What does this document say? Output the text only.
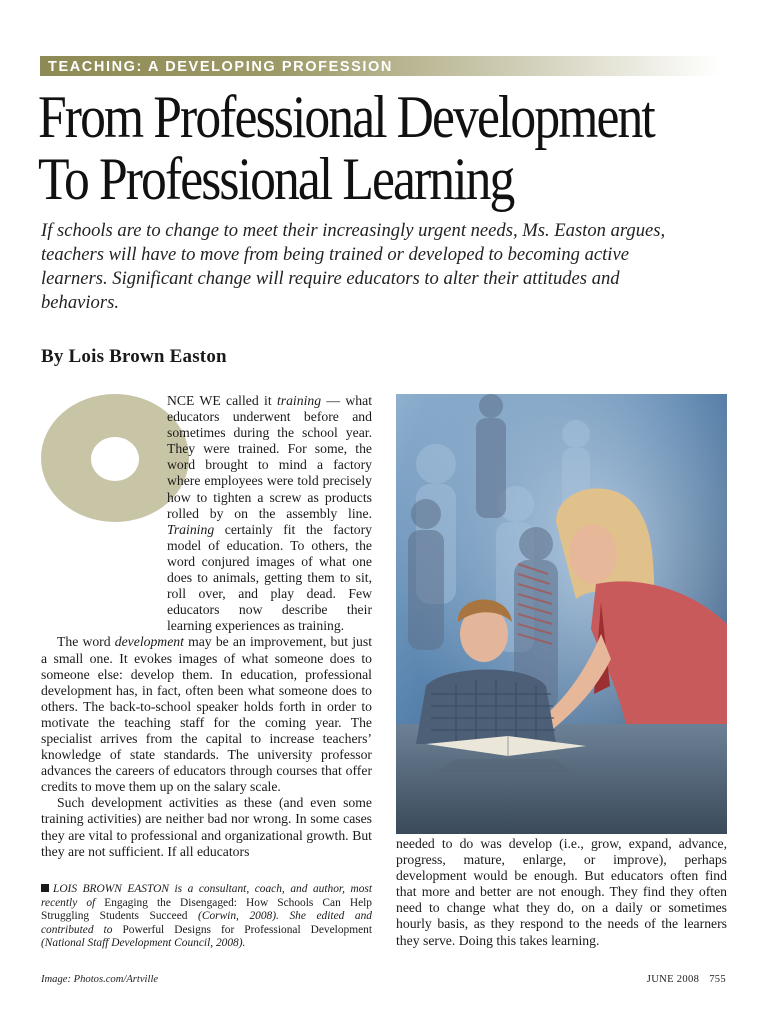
TEACHING: A DEVELOPING PROFESSION
From Professional Development
To Professional Learning

If schools are to change to meet their increasingly urgent needs, Ms. Easton argues, teachers will have to move from being trained or developed to becoming active learners. Significant change will require educators to alter their attitudes and behaviors.

By Lois Brown Easton

O	NCE WE called it training — what educators underwent before and sometimes during the school year. They were trained. For some, the word brought to mind a factory where employees were told precisely how to tighten a screw as products rolled by on the assembly line. Training certainly fit the factory model of education. To others, the word conjured images of what one does to animals, getting them to sit, roll over, and play dead. Few educators now describe their learning experiences as training.

The word development may be an improvement, but just a small one. It evokes images of what someone does to someone else: develop them. In education, professional development has, in fact, often been what someone does to others. The back-to-school speaker holds forth in order to motivate the teaching staff for the coming year. The specialist arrives from the capital to increase teachers’ knowledge of state standards. The university professor advances the careers of educators through courses that offer credits to move them up on the salary scale.

Such development activities as these (and even some training activities) are neither bad nor wrong. In some cases they are vital to professional and organizational growth. But they are not sufficient. If all educators

needed to do was develop (i.e., grow, expand, advance, progress, mature, enlarge, or improve), perhaps development would be enough. But educators often find that more and better are not enough. They find they often need to change what they do, on a daily or sometimes hourly basis, as they respond to the needs of the learners they serve. Doing this takes learning.

LOIS BROWN EASTON is a consultant, coach, and author, most recently of Engaging the Disengaged: How Schools Can Help Struggling Students Succeed (Corwin, 2008). She edited and contributed to Powerful Designs for Professional Development (National Staff Development Council, 2008).

Image: Photos.com/Artville	JUNE 2008 755
